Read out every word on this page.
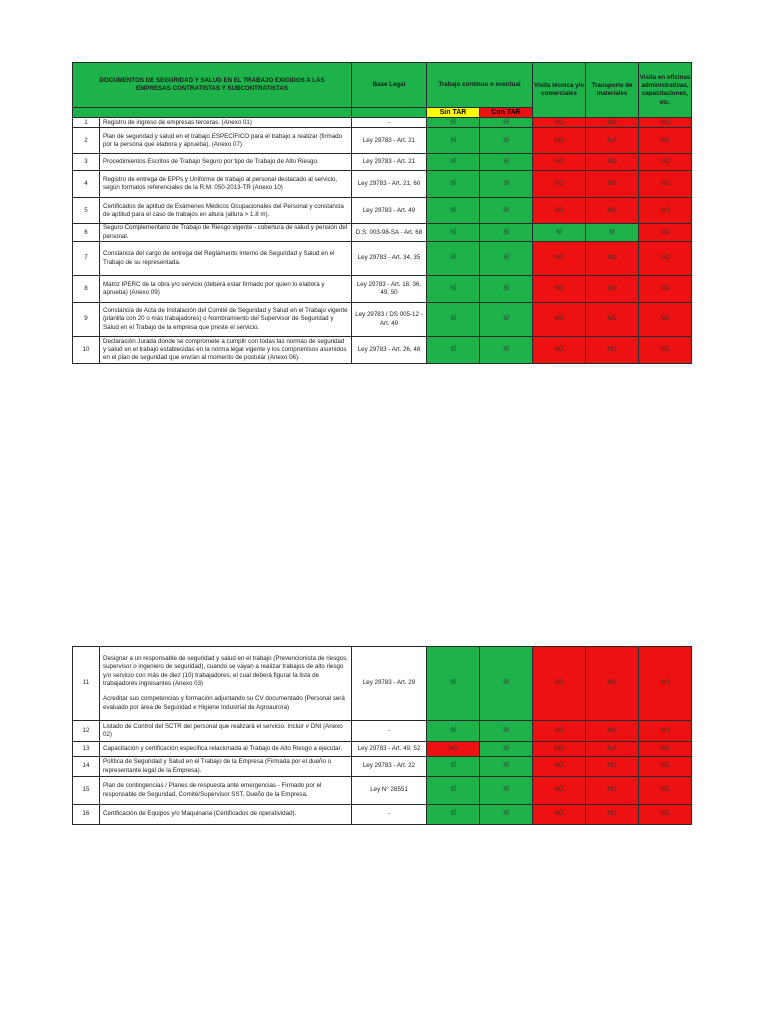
DOCUMENTOS DE SEGURIDAD Y SALUD EN EL TRABAJO EXIGIDOS A LAS EMPRESAS CONTRATISTAS Y SUBCONTRATISTAS		Base Legal	Trabajo continuo o eventual		Visita técnica y/o comerciales	Transporte de materiales	Visita en oficinas administrativas, capacitaciones, etc.

			Sin TAR	Con TAR			

1	Registro de ingreso de empresas terceras. (Anexo 01)	-	SÍ	SÍ	NO	NO	NO
2	Plan de seguridad y salud en el trabajo ESPECÍFICO para el trabajo a realizar (firmado por la persona que elabora y aprueba), (Anexo 07)	Ley 29783 - Art. 21	SÍ	SÍ	NO	NO	NO
3	Procedimientos Escritos de Trabajo Seguro por tipo de Trabajo de Alto Riesgo.	Ley 29783 - Art. 21	SÍ	SÍ	NO	NO	NO
4	Registro de entrega de EPPs y Uniforme de trabajo al personal destacado al servicio, según formatos referenciales de la R.M. 050-2013-TR (Anexo 10)	Ley 29783 - Art. 21, 60	SÍ	SÍ	NO	NO	NO
5	Certificados de aptitud de Exámenes Médicos Ocupacionales del Personal y constancia de aptitud para el caso de trabajos en altura (altura > 1.8 m).	Ley 29783 - Art. 49	SÍ	SÍ	NO	NO	NO
6	Seguro Complementario de Trabajo de Riesgo vigente - cobertura de salud y pensión del personal.	D.S. 003-98-SA - Art. 68	SÍ	SÍ	SÍ	SÍ	NO
7	Constancia del cargo de entrega del Reglamento Interno de Seguridad y Salud en el Trabajo de su representada.	Ley 29783 - Art. 34, 35	SÍ	SÍ	NO	NO	NO
8	Matriz IPERC de la obra y/o servicio (deberá estar firmado por quien lo elabora y aprueba) (Anexo 09)	Ley 29783 - Art. 18, 36, 49, 50	SÍ	SÍ	NO	NO	NO
9	Constancia de Acta de Instalación del Comité de Seguridad y Salud en el Trabajo vigente (planilla con 20 o más trabajadores) o Nombramiento del Supervisor de Seguridad y Salud en el Trabajo de la empresa que preste el servicio.	Ley 29783 / DS 005-12 - Art. 49	SÍ	SÍ	NO	NO	NO
10	Declaración Jurada donde se compromete a cumplir con todas las normas de seguridad y salud en el trabajo establecidas en la norma legal vigente y los compromisos asumidos en el plan de seguridad que envían al momento de postular (Anexo 06).	Ley 29783 - Art. 26, 48	SÍ	SÍ	NO	NO	NO
11	Designar a un responsable de seguridad y salud en el trabajo (Prevencionista de riesgos, supervisor o ingeniero de seguridad), cuando se vayan a realizar trabajos de alto riesgo y/o servicio con más de diez (10) trabajadores, el cual deberá figurar la lista de trabajadores ingresantes (Anexo 03)
Acreditar sus competencias y formación adjuntando su CV documentado (Personal será evaluado por área de Seguridad e Higiene Industrial de Agroaurora)	Ley 29783 - Art. 29	SÍ	SÍ	NO	NO	NO
12	Listado de Control del SCTR del personal que realizará el servicio. Incluir # DNI (Anexo 02)	-	SÍ	SÍ	NO	NO	NO
13	Capacitación y certificación específica relacionada al Trabajo de Alto Riesgo a ejecutar.	Ley 29783 - Art. 49, 52	NO	SÍ	NO	NO	NO
14	Política de Seguridad y Salud en el Trabajo de la Empresa (Firmada por el dueño o representante legal de la Empresa).	Ley 29783 - Art. 22	SÍ	SÍ	NO	NO	NO
15	Plan de contingencias / Planes de respuesta ante emergencias - Firmado por el responsable de Seguridad, Comité/Supervisor SST, Dueño de la Empresa.	Ley N° 28551	SÍ	SÍ	NO	NO	NO
16	Certificación de Equipos y/o Maquinaria (Certificados de operatividad).	-	SÍ	SÍ	NO	NO	NO
